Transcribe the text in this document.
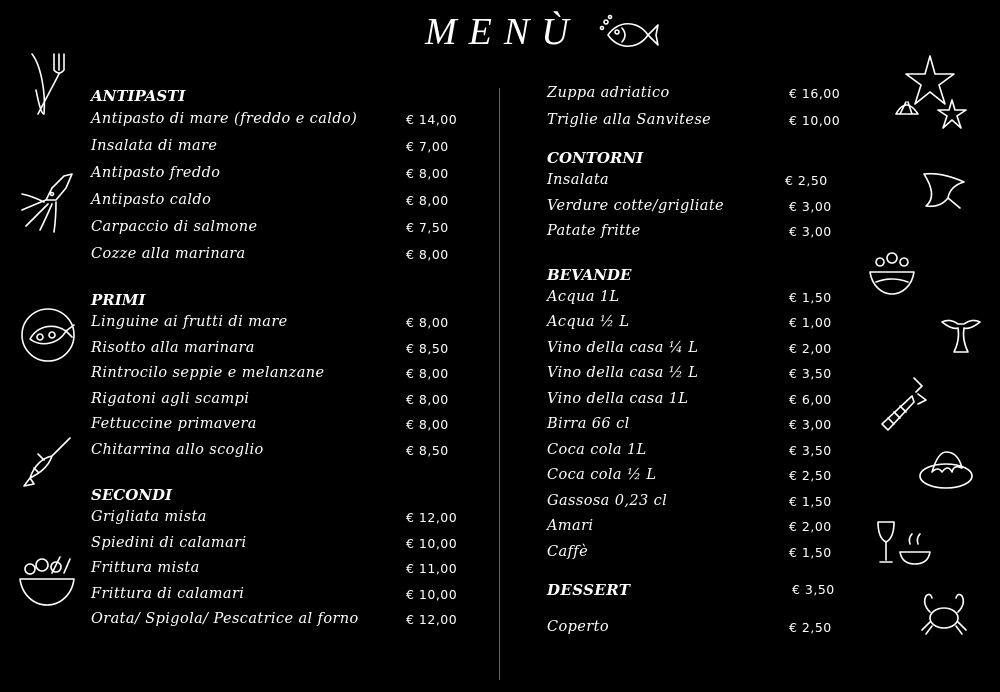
MENÙ
ANTIPASTI
Antipasto di mare (freddo e caldo)	€ 14,00
Insalata di mare	€ 7,00
Antipasto freddo	€ 8,00
Antipasto caldo	€ 8,00
Carpaccio di salmone	€ 7,50
Cozze alla marinara	€ 8,00
PRIMI
Linguine ai frutti di mare	€ 8,00
Risotto alla marinara	€ 8,50
Rintrocilo seppie e melanzane	€ 8,00
Rigatoni agli scampi	€ 8,00
Fettuccine primavera	€ 8,00
Chitarrina allo scoglio	€ 8,50
SECONDI
Grigliata mista	€ 12,00
Spiedini di calamari	€ 10,00
Frittura mista	€ 11,00
Frittura di calamari	€ 10,00
Orata/ Spigola/ Pescatrice al forno	€ 12,00
Zuppa adriatico	€ 16,00
Triglie alla Sanvitese	€ 10,00
CONTORNI
Insalata	€ 2,50
Verdure cotte/grigliate	€ 3,00
Patate fritte	€ 3,00
BEVANDE
Acqua 1L	€ 1,50
Acqua ½ L	€ 1,00
Vino della casa ¼ L	€ 2,00
Vino della casa ½ L	€ 3,50
Vino della casa 1L	€ 6,00
Birra 66 cl	€ 3,00
Coca cola 1L	€ 3,50
Coca cola ½ L	€ 2,50
Gassosa 0,23 cl	€ 1,50
Amari	€ 2,00
Caffè	€ 1,50
DESSERT	€ 3,50
Coperto	€ 2,50
